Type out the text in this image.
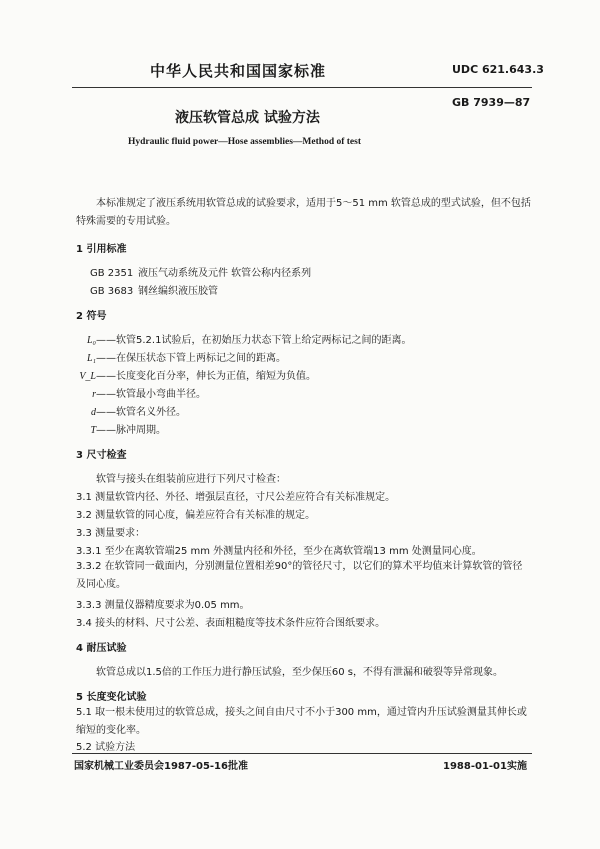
中华人民共和国国家标准	UDC 621.643.3
GB 7939—87
液压软管总成 试验方法
Hydraulic fluid power—Hose assemblies—Method of test
本标准规定了液压系统用软管总成的试验要求，适用于5～51 mm 软管总成的型式试验，但不包括特殊需要的专用试验。
1 引用标准
GB 2351 液压气动系统及元件 软管公称内径系列
GB 3683 钢丝编织液压胶管
2 符号
L₀——软管5.2.1试验后，在初始压力状态下管上给定两标记之间的距离。
L₁——在保压状态下管上两标记之间的距离。
V_L——长度变化百分率，伸长为正值，缩短为负值。
r——软管最小弯曲半径。
d——软管名义外径。
T——脉冲周期。
3 尺寸检查
软管与接头在组装前应进行下列尺寸检查：
3.1 测量软管内径、外径、增强层直径，寸尺公差应符合有关标准规定。
3.2 测量软管的同心度，偏差应符合有关标准的规定。
3.3 测量要求：
3.3.1 至少在离软管端25 mm 外测量内径和外径，至少在离软管端13 mm 处测量同心度。
3.3.2 在软管同一截面内，分别测量位置相差90°的管径尺寸，以它们的算术平均值来计算软管的管径及同心度。
3.3.3 测量仪器精度要求为0.05 mm。
3.4 接头的材料、尺寸公差、表面粗糙度等技术条件应符合图纸要求。
4 耐压试验
软管总成以1.5倍的工作压力进行静压试验，至少保压60 s，不得有泄漏和破裂等异常现象。
5 长度变化试验
5.1 取一根未使用过的软管总成，接头之间自由尺寸不小于300 mm，通过管内升压试验测量其伸长或缩短的变化率。
5.2 试验方法
国家机械工业委员会1987-05-16批准	1988-01-01实施
